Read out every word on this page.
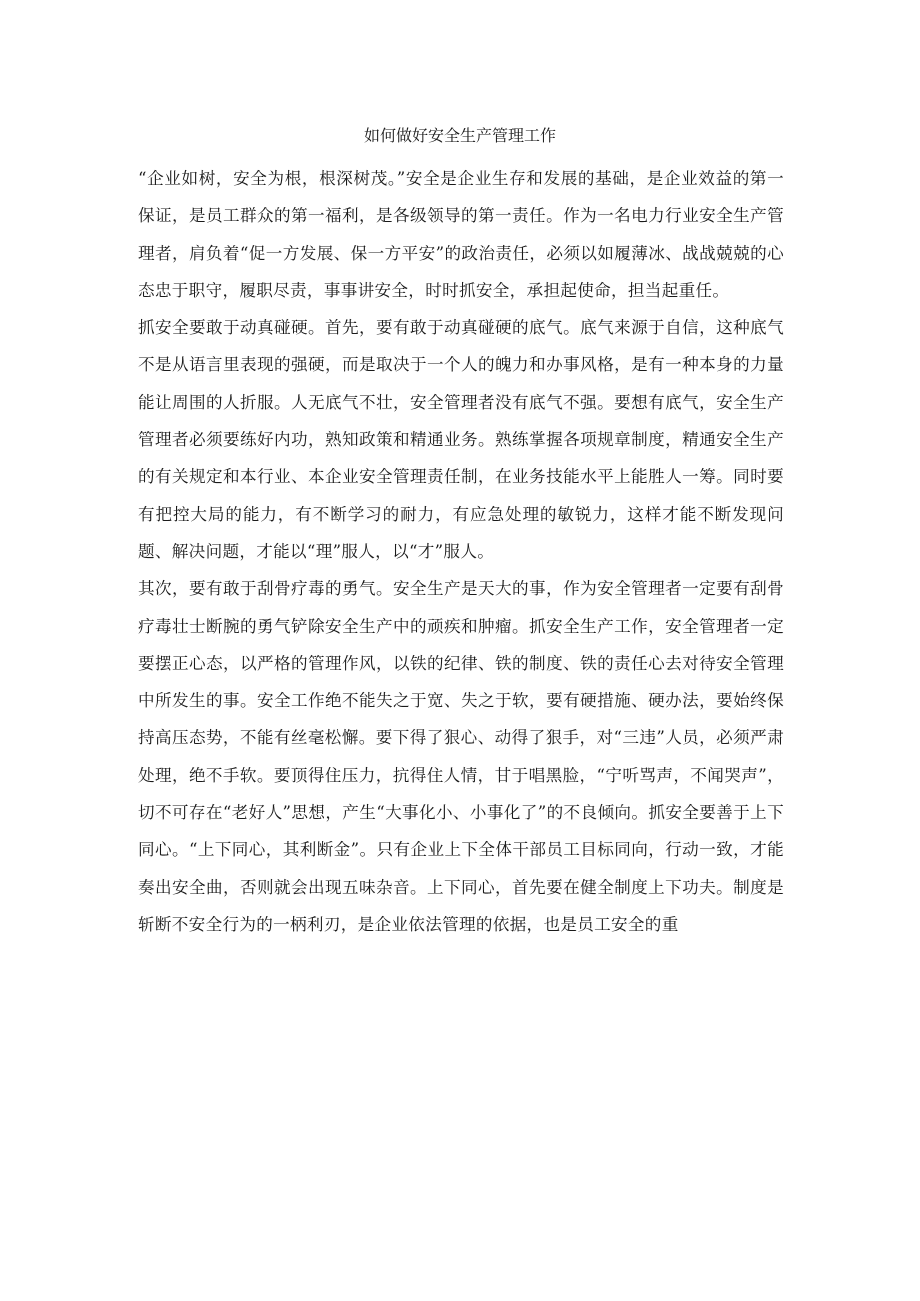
如何做好安全生产管理工作

“企业如树，安全为根，根深树茂。”安全是企业生存和发展的基础，是企业效益的第一保证，是员工群众的第一福利，是各级领导的第一责任。作为一名电力行业安全生产管理者，肩负着“促一方发展、保一方平安”的政治责任，必须以如履薄冰、战战兢兢的心态忠于职守，履职尽责，事事讲安全，时时抓安全，承担起使命，担当起重任。

抓安全要敢于动真碰硬。首先，要有敢于动真碰硬的底气。底气来源于自信，这种底气不是从语言里表现的强硬，而是取决于一个人的魄力和办事风格，是有一种本身的力量能让周围的人折服。人无底气不壮，安全管理者没有底气不强。要想有底气，安全生产管理者必须要练好内功，熟知政策和精通业务。熟练掌握各项规章制度，精通安全生产的有关规定和本行业、本企业安全管理责任制，在业务技能水平上能胜人一筹。同时要有把控大局的能力，有不断学习的耐力，有应急处理的敏锐力，这样才能不断发现问题、解决问题，才能以“理”服人，以“才”服人。

其次，要有敢于刮骨疗毒的勇气。安全生产是天大的事，作为安全管理者一定要有刮骨疗毒壮士断腕的勇气铲除安全生产中的顽疾和肿瘤。抓安全生产工作，安全管理者一定要摆正心态，以严格的管理作风，以铁的纪律、铁的制度、铁的责任心去对待安全管理中所发生的事。安全工作绝不能失之于宽、失之于软，要有硬措施、硬办法，要始终保持高压态势，不能有丝毫松懈。要下得了狠心、动得了狠手，对“三违”人员，必须严肃处理，绝不手软。要顶得住压力，抗得住人情，甘于唱黑脸，“宁听骂声，不闻哭声”，切不可存在“老好人”思想，产生“大事化小、小事化了”的不良倾向。抓安全要善于上下同心。“上下同心，其利断金”。只有企业上下全体干部员工目标同向，行动一致，才能奏出安全曲，否则就会出现五味杂音。上下同心，首先要在健全制度上下功夫。制度是斩断不安全行为的一柄利刃，是企业依法管理的依据，也是员工安全的重
